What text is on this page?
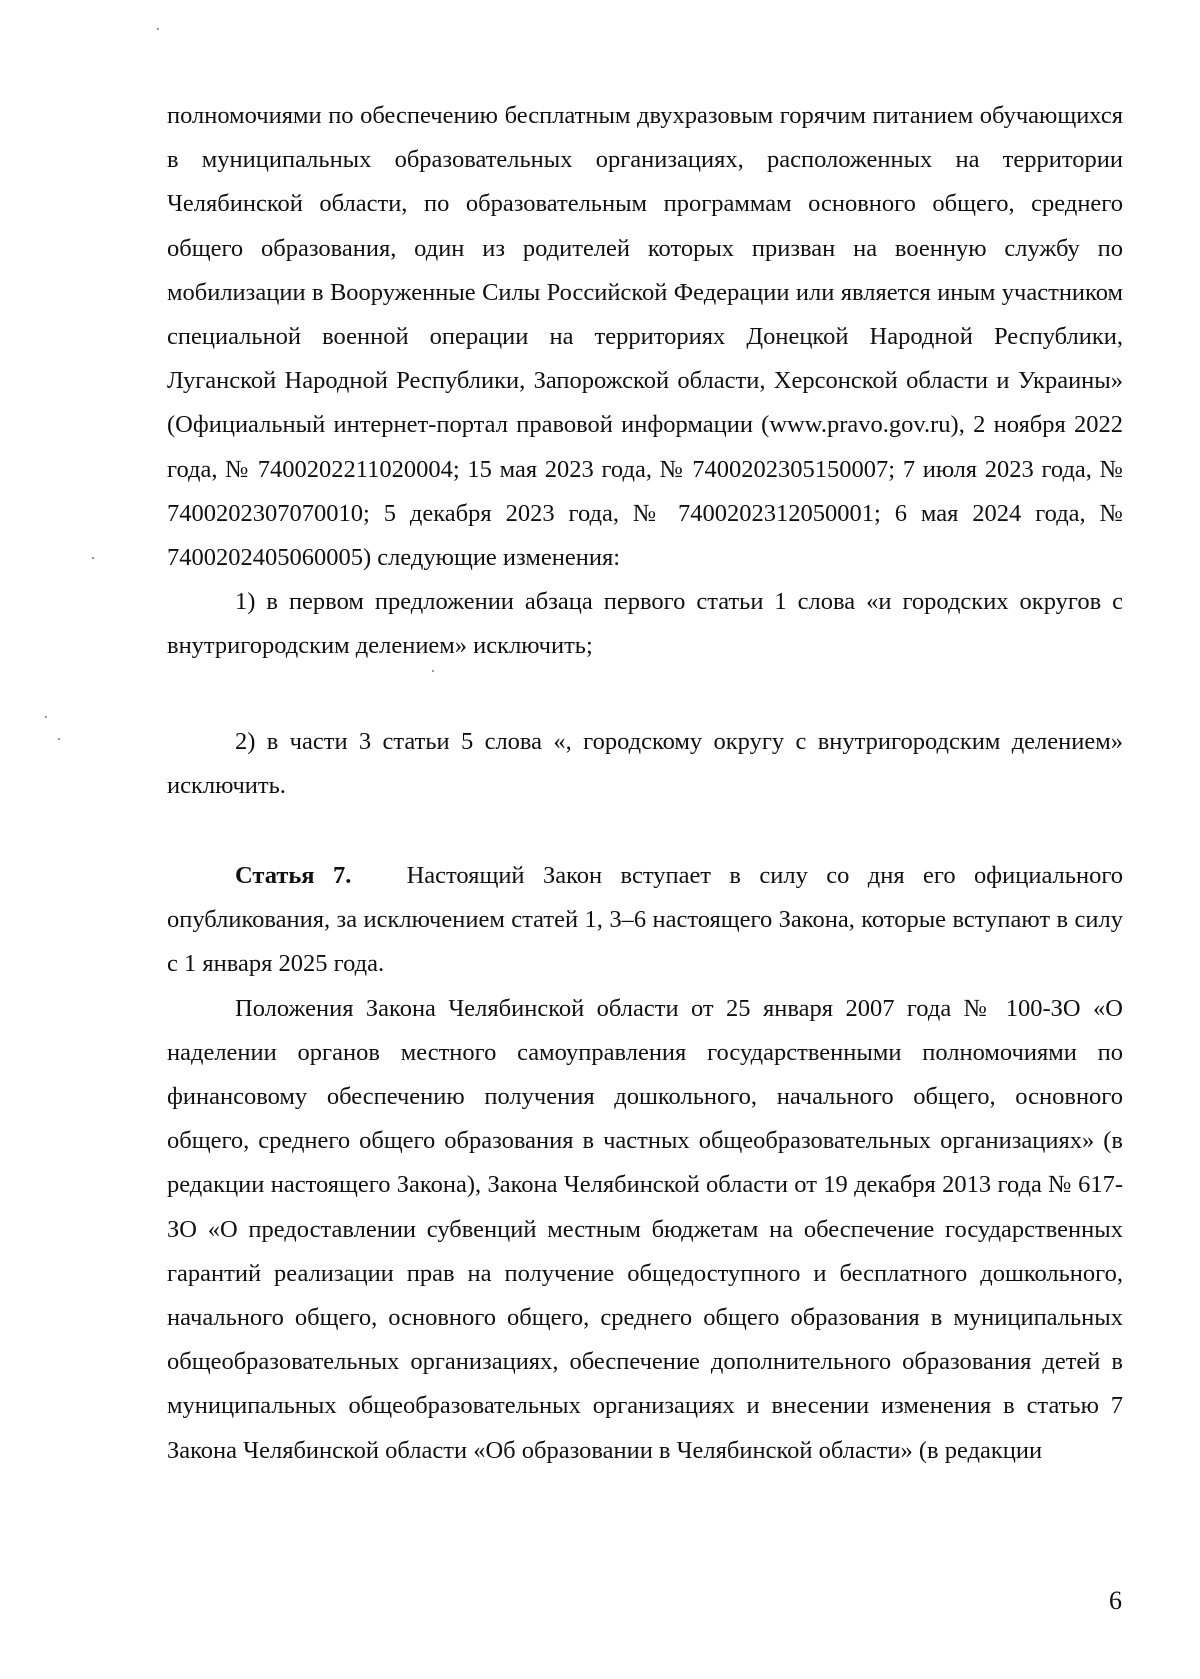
полномочиями по обеспечению бесплатным двухразовым горячим питанием обучающихся в муниципальных образовательных организациях, расположенных на территории Челябинской области, по образовательным программам основного общего, среднего общего образования, один из родителей которых призван на военную службу по мобилизации в Вооруженные Силы Российской Федерации или является иным участником специальной военной операции на территориях Донецкой Народной Республики, Луганской Народной Республики, Запорожской области, Херсонской области и Украины» (Официальный интернет-портал правовой информации (www.pravo.gov.ru), 2 ноября 2022 года, № 7400202211020004; 15 мая 2023 года, № 7400202305150007; 7 июля 2023 года, № 7400202307070010; 5 декабря 2023 года, № 7400202312050001; 6 мая 2024 года, № 7400202405060005) следующие изменения:

1) в первом предложении абзаца первого статьи 1 слова «и городских округов с внутригородским делением» исключить;

2) в части 3 статьи 5 слова «, городскому округу с внутригородским делением» исключить.

Статья 7. Настоящий Закон вступает в силу со дня его официального опубликования, за исключением статей 1, 3–6 настоящего Закона, которые вступают в силу с 1 января 2025 года.

Положения Закона Челябинской области от 25 января 2007 года № 100-ЗО «О наделении органов местного самоуправления государственными полномочиями по финансовому обеспечению получения дошкольного, начального общего, основного общего, среднего общего образования в частных общеобразовательных организациях» (в редакции настоящего Закона), Закона Челябинской области от 19 декабря 2013 года № 617-ЗО «О предоставлении субвенций местным бюджетам на обеспечение государственных гарантий реализации прав на получение общедоступного и бесплатного дошкольного, начального общего, основного общего, среднего общего образования в муниципальных общеобразовательных организациях, обеспечение дополнительного образования детей в муниципальных общеобразовательных организациях и внесении изменения в статью 7 Закона Челябинской области «Об образовании в Челябинской области» (в редакции

6
